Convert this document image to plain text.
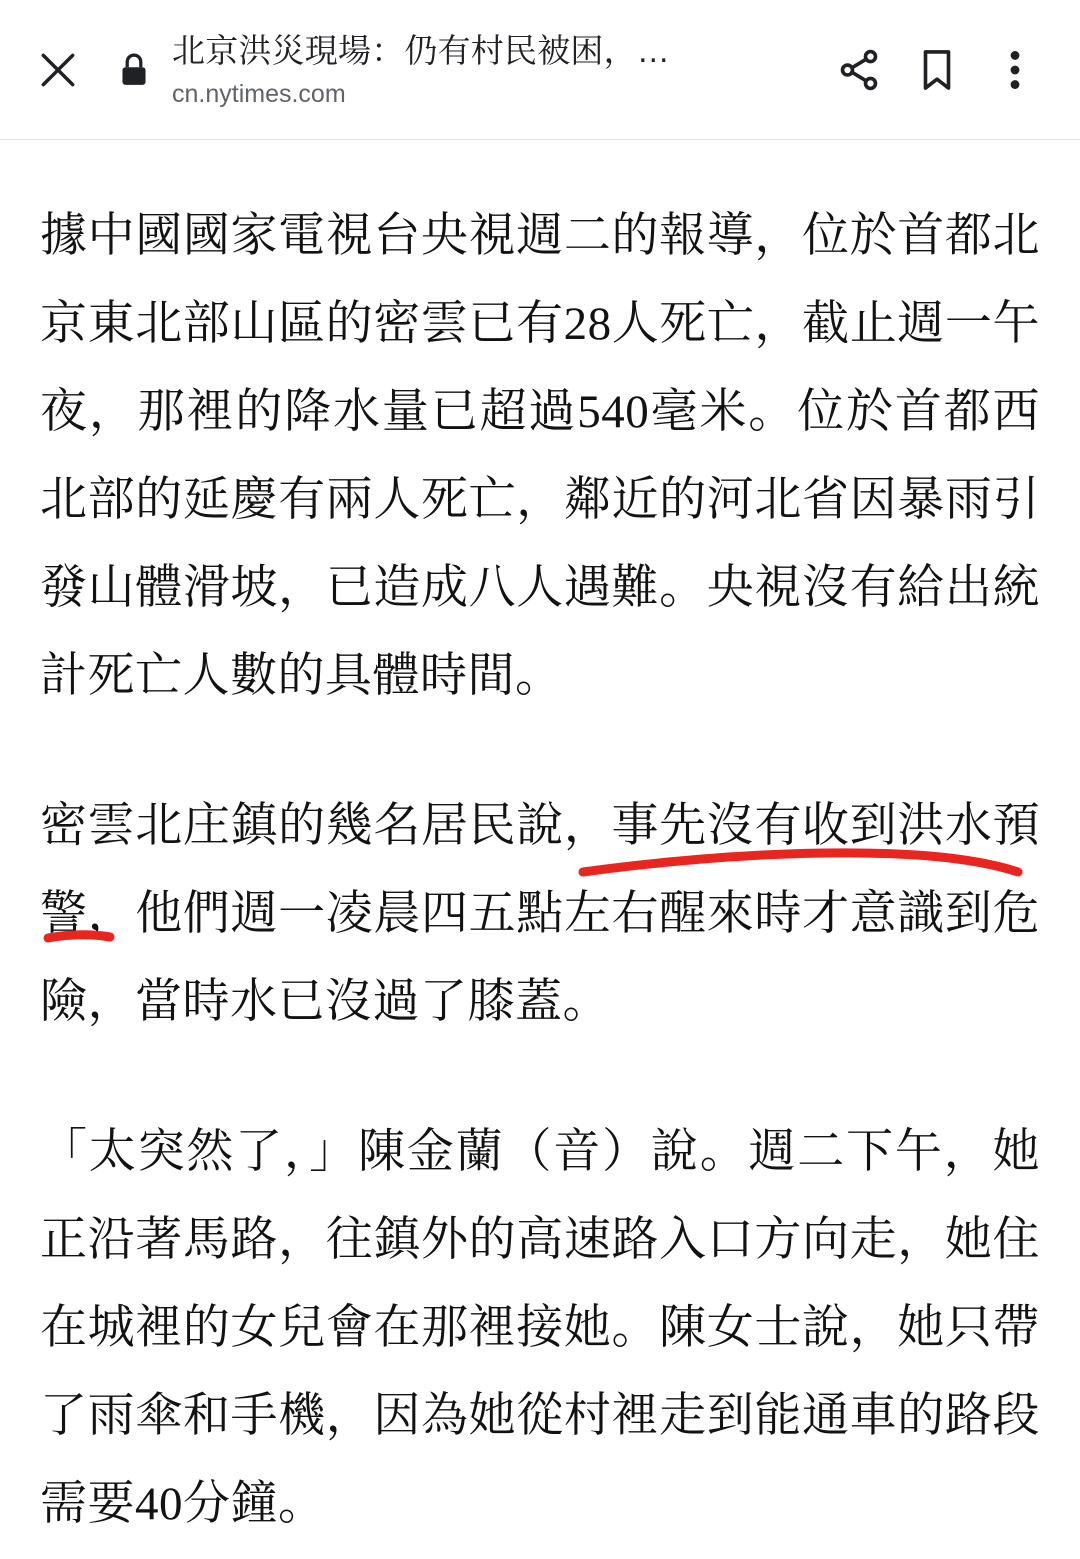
北京洪災現場：仍有村民被困，…
cn.nytimes.com

據中國國家電視台央視週二的報導，位於首都北京東北部山區的密雲已有28人死亡，截止週一午夜，那裡的降水量已超過540毫米。位於首都西北部的延慶有兩人死亡，鄰近的河北省因暴雨引發山體滑坡，已造成八人遇難。央視沒有給出統計死亡人數的具體時間。

密雲北庄鎮的幾名居民說，事先沒有收到洪水預警，他們週一凌晨四五點左右醒來時才意識到危險，當時水已沒過了膝蓋。

「太突然了，」陳金蘭（音）說。週二下午，她正沿著馬路，往鎮外的高速路入口方向走，她住在城裡的女兒會在那裡接她。陳女士說，她只帶了雨傘和手機，因為她從村裡走到能通車的路段需要40分鐘。
